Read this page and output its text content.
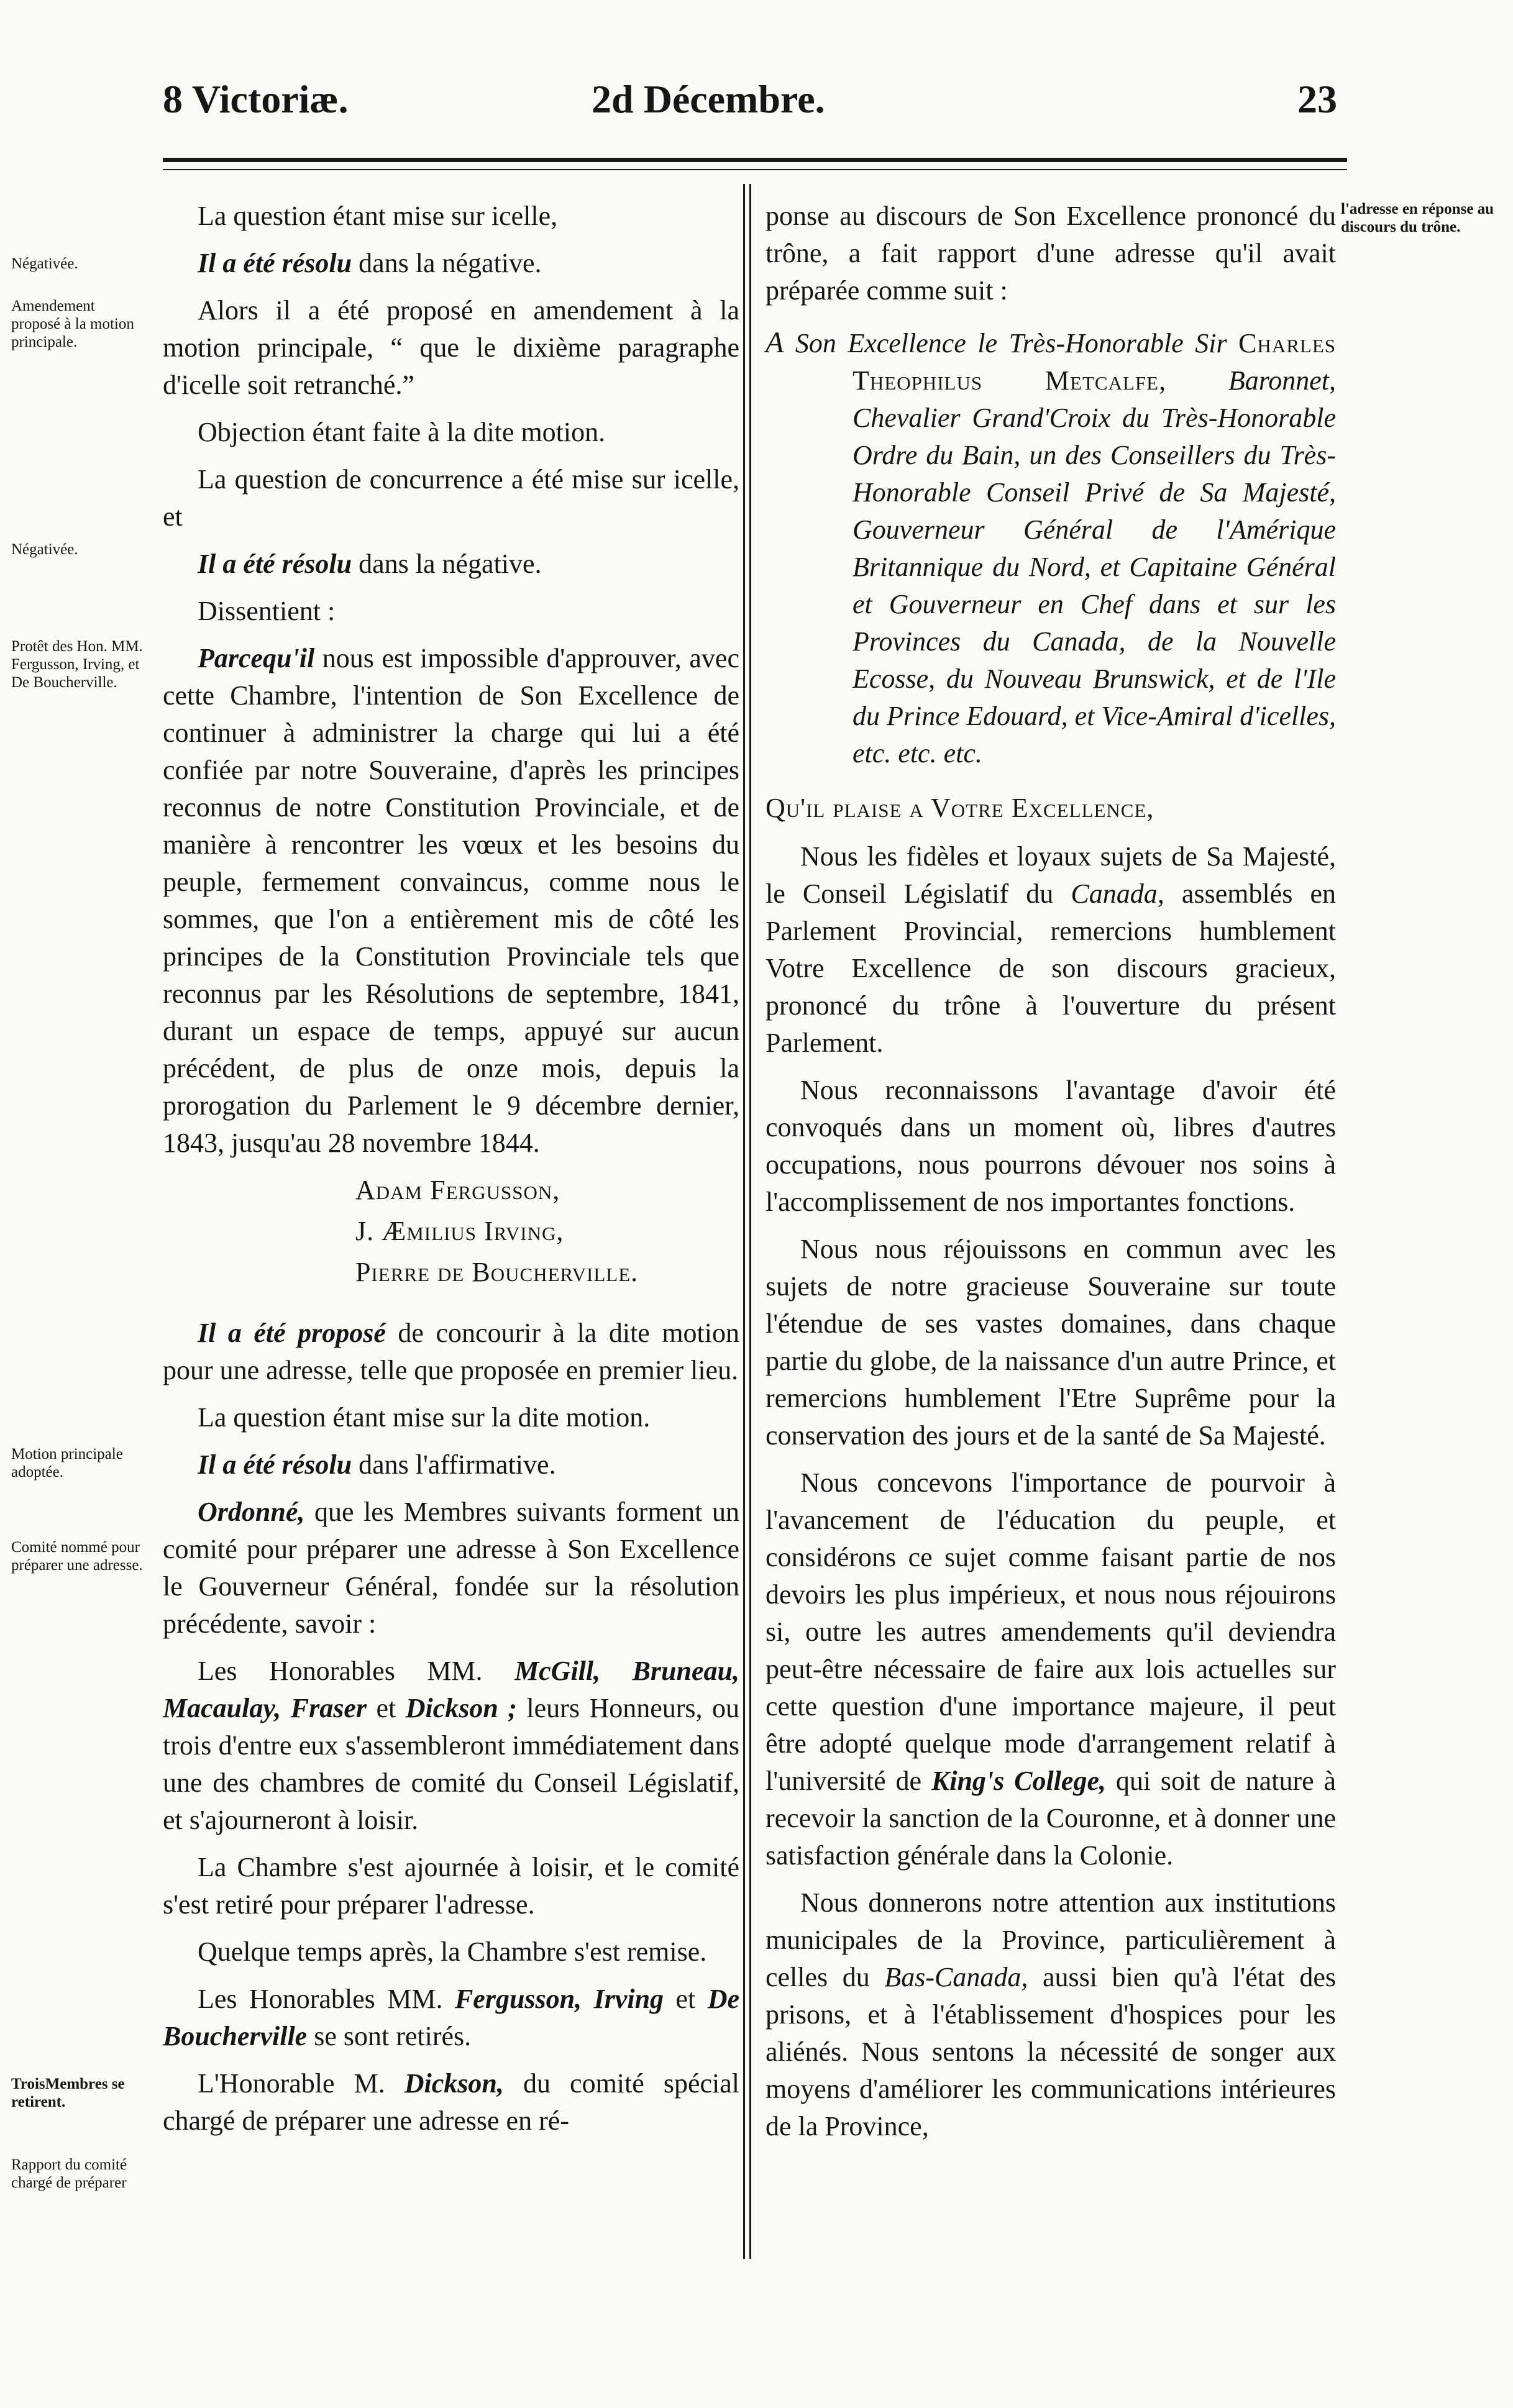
8 Victoriæ.	2d Décembre.	23
Négativée.
Amendement proposé à la motion principale.
Négativée.
Protêt des Hon. MM. Fergusson, Irving, et De Boucherville.
Motion principale adoptée.
Comité nommé pour préparer une adresse.
TroisMembres se retirent.
Rapport du comité chargé de préparer
l'adresse en réponse au discours du trône.

La question étant mise sur icelle,

Il a été résolu dans la négative.

Alors il a été proposé en amendement à la motion principale, “ que le dixième paragraphe d'icelle soit retranché.”

Objection étant faite à la dite motion.

La question de concurrence a été mise sur icelle, et

Il a été résolu dans la négative.

Dissentient :

Parcequ'il nous est impossible d'approuver, avec cette Chambre, l'intention de Son Excellence de continuer à administrer la charge qui lui a été confiée par notre Souveraine, d'après les principes reconnus de notre Constitution Provinciale, et de manière à rencontrer les vœux et les besoins du peuple, fermement convaincus, comme nous le sommes, que l'on a entièrement mis de côté les principes de la Constitution Provinciale tels que reconnus par les Résolutions de septembre, 1841, durant un espace de temps, appuyé sur aucun précédent, de plus de onze mois, depuis la prorogation du Parlement le 9 décembre dernier, 1843, jusqu'au 28 novembre 1844.

Adam Fergusson,

J. Æmilius Irving,

Pierre de Boucherville.

Il a été proposé de concourir à la dite motion pour une adresse, telle que proposée en premier lieu.

La question étant mise sur la dite motion.

Il a été résolu dans l'affirmative.

Ordonné, que les Membres suivants forment un comité pour préparer une adresse à Son Excellence le Gouverneur Général, fondée sur la résolution précédente, savoir :

Les Honorables MM. McGill, Bruneau, Macaulay, Fraser et Dickson ; leurs Honneurs, ou trois d'entre eux s'assembleront immédiatement dans une des chambres de comité du Conseil Législatif, et s'ajourneront à loisir.

La Chambre s'est ajournée à loisir, et le comité s'est retiré pour préparer l'adresse.

Quelque temps après, la Chambre s'est remise.

Les Honorables MM. Fergusson, Irving et De Boucherville se sont retirés.

L'Honorable M. Dickson, du comité spécial chargé de préparer une adresse en ré-

ponse au discours de Son Excellence prononcé du trône, a fait rapport d'une adresse qu'il avait préparée comme suit :

A Son Excellence le Très-Honorable Sir Charles Theophilus Metcalfe, Baronnet, Chevalier Grand'Croix du Très-Honorable Ordre du Bain, un des Conseillers du Très-Honorable Conseil Privé de Sa Majesté, Gouverneur Général de l'Amérique Britannique du Nord, et Capitaine Général et Gouverneur en Chef dans et sur les Provinces du Canada, de la Nouvelle Ecosse, du Nouveau Brunswick, et de l'Ile du Prince Edouard, et Vice-Amiral d'icelles, etc. etc. etc.

Qu'il plaise a Votre Excellence,

Nous les fidèles et loyaux sujets de Sa Majesté, le Conseil Législatif du Canada, assemblés en Parlement Provincial, remercions humblement Votre Excellence de son discours gracieux, prononcé du trône à l'ouverture du présent Parlement.

Nous reconnaissons l'avantage d'avoir été convoqués dans un moment où, libres d'autres occupations, nous pourrons dévouer nos soins à l'accomplissement de nos importantes fonctions.

Nous nous réjouissons en commun avec les sujets de notre gracieuse Souveraine sur toute l'étendue de ses vastes domaines, dans chaque partie du globe, de la naissance d'un autre Prince, et remercions humblement l'Etre Suprême pour la conservation des jours et de la santé de Sa Majesté.

Nous concevons l'importance de pourvoir à l'avancement de l'éducation du peuple, et considérons ce sujet comme faisant partie de nos devoirs les plus impérieux, et nous nous réjouirons si, outre les autres amendements qu'il deviendra peut-être nécessaire de faire aux lois actuelles sur cette question d'une importance majeure, il peut être adopté quelque mode d'arrangement relatif à l'université de King's College, qui soit de nature à recevoir la sanction de la Couronne, et à donner une satisfaction générale dans la Colonie.

Nous donnerons notre attention aux institutions municipales de la Province, particulièrement à celles du Bas-Canada, aussi bien qu'à l'état des prisons, et à l'établissement d'hospices pour les aliénés. Nous sentons la nécessité de songer aux moyens d'améliorer les communications intérieures de la Province,
